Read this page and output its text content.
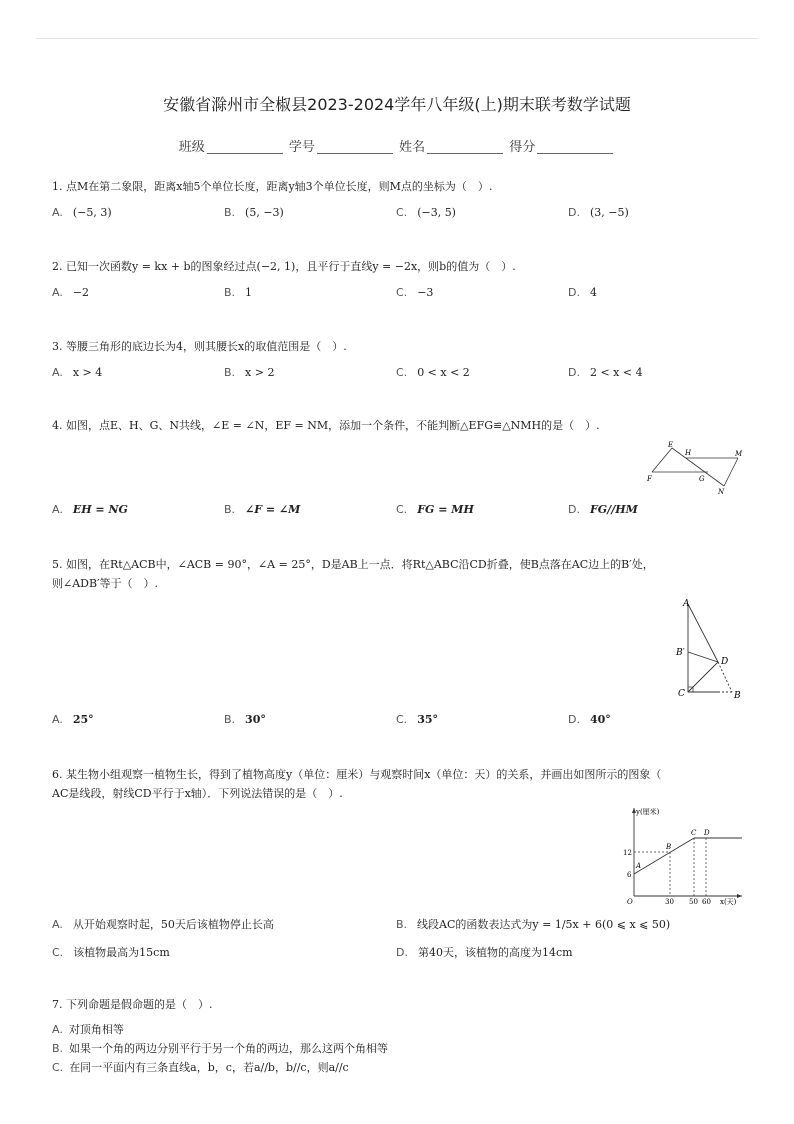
安徽省滁州市全椒县2023-2024学年八年级(上)期末联考数学试题
班级	学号	姓名	得分
1. 点M在第二象限，距离x轴5个单位长度，距离y轴3个单位长度，则M点的坐标为（　）.
A. (−5, 3)	B. (5, −3)	C. (−3, 5)	D. (3, −5)
2. 已知一次函数y = kx + b的图象经过点(−2, 1)，且平行于直线y = −2x，则b的值为（　）.
A. −2	B. 1	C. −3	D. 4
3. 等腰三角形的底边长为4，则其腰长x的取值范围是（　）.
A. x > 4	B. x > 2	C. 0 < x < 2	D. 2 < x < 4
4. 如图，点E、H、G、N共线，∠E = ∠N，EF = NM，添加一个条件，不能判断△EFG≌△NMH的是（　）.
E
H	M
F	G
N
A. EH = NG	B. ∠F = ∠M	C. FG = MH	D. FG//HM
5. 如图，在Rt△ACB中，∠ACB = 90°，∠A = 25°，D是AB上一点．将Rt△ABC沿CD折叠，使B点落在AC边上的B′处，
则∠ADB′等于（　）.
A
B′
D
C	B
A. 25°	B. 30°	C. 35°	D. 40°
6. 某生物小组观察一植物生长，得到了植物高度y（单位：厘米）与观察时间x（单位：天）的关系，并画出如图所示的图象（
AC是线段，射线CD平行于x轴）．下列说法错误的是（　）.
y(厘米)
x(天)
6
12
30 50 60
O
A
B
C D
A. 从开始观察时起，50天后该植物停止长高	B. 线段AC的函数表达式为y = 1/5x + 6(0 ⩽ x ⩽ 50)
C. 该植物最高为15cm	D. 第40天，该植物的高度为14cm
7. 下列命题是假命题的是（　）.
A. 对顶角相等
B. 如果一个角的两边分别平行于另一个角的两边，那么这两个角相等
C. 在同一平面内有三条直线a，b，c，若a//b，b//c，则a//c
